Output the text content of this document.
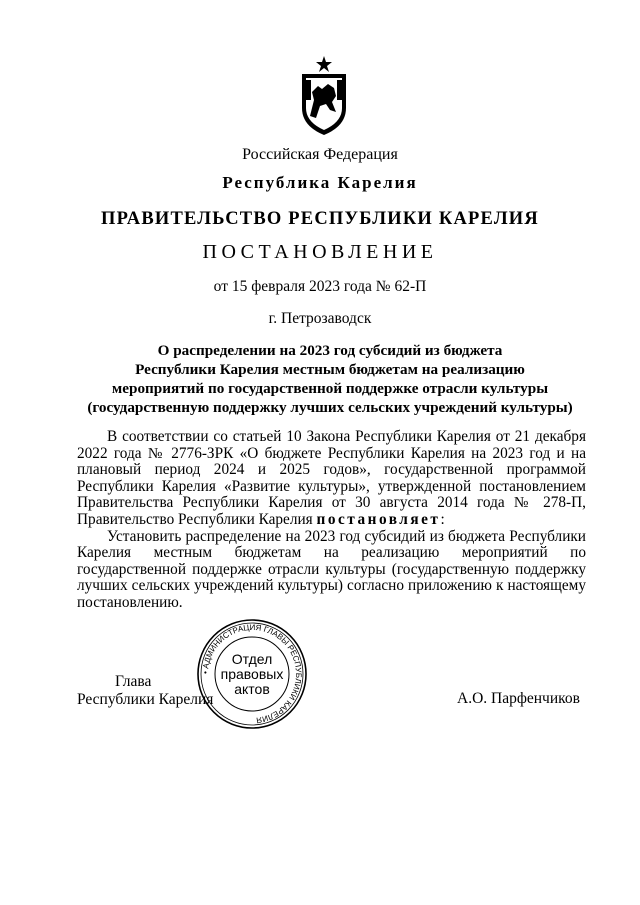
Российская Федерация
Республика Карелия
ПРАВИТЕЛЬСТВО РЕСПУБЛИКИ КАРЕЛИЯ
ПОСТАНОВЛЕНИЕ
от 15 февраля 2023 года № 62-П
г. Петрозаводск
О распределении на 2023 год субсидий из бюджета
Республики Карелия местным бюджетам на реализацию
мероприятий по государственной поддержке отрасли культуры
(государственную поддержку лучших сельских учреждений культуры)

В соответствии со статьей 10 Закона Республики Карелия от 21 декабря 2022 года № 2776-ЗРК «О бюджете Республики Карелия на 2023 год и на плановый период 2024 и 2025 годов», государственной программой Республики Карелия «Развитие культуры», утвержденной постановлением Правительства Республики Карелия от 30 августа 2014 года № 278-П, Правительство Республики Карелия постановляет:

Установить распределение на 2023 год субсидий из бюджета Республики Карелия местным бюджетам на реализацию мероприятий по государственной поддержке отрасли культуры (государственную поддержку лучших сельских учреждений культуры) согласно приложению к настоящему постановлению.

Глава
Республики Карелия	А.О. Парфенчиков
• АДМИНИСТРАЦИЯ ГЛАВЫ РЕСПУБЛИКИ КАРЕЛИЯ
Отдел
правовых
актов
